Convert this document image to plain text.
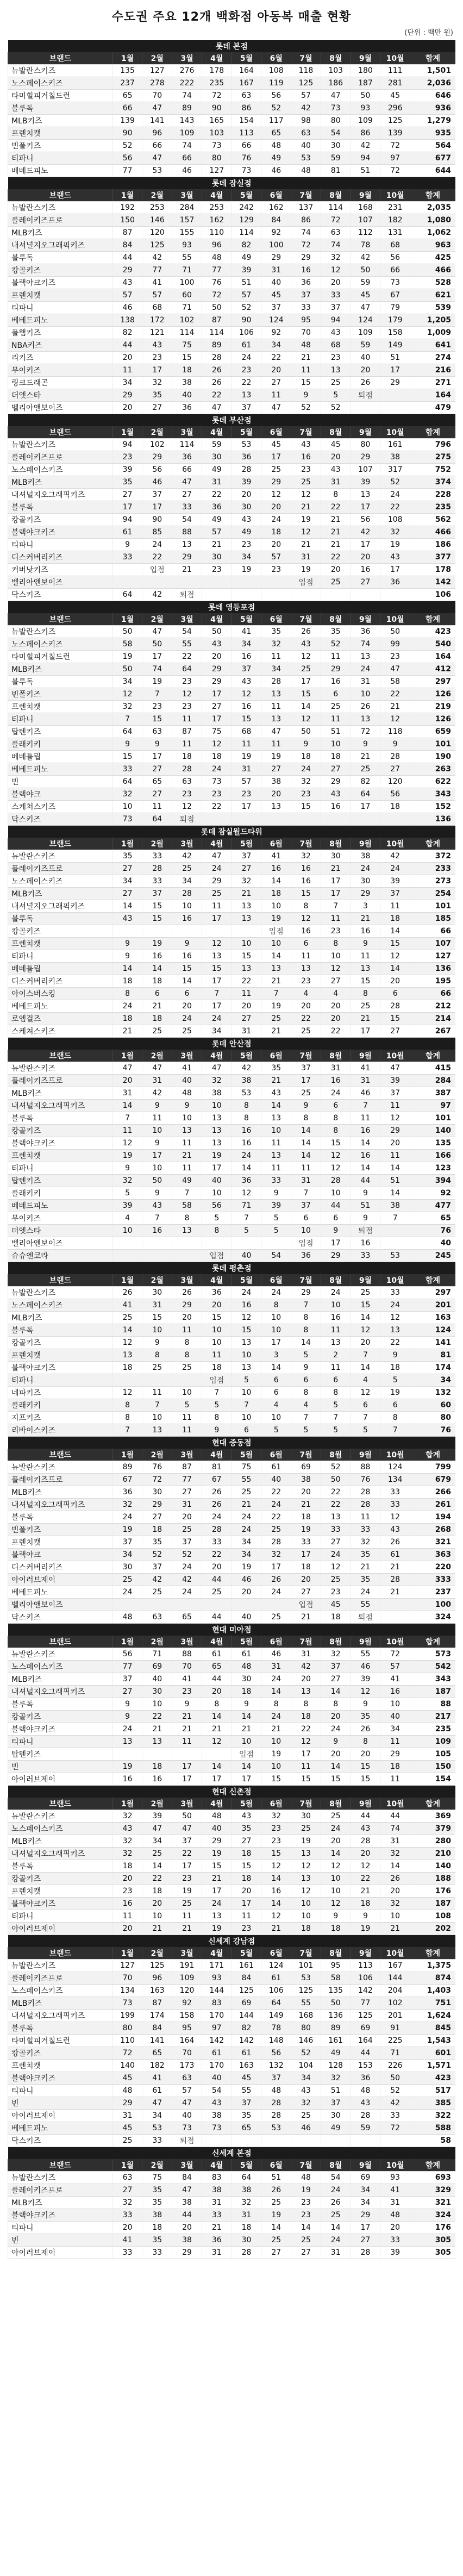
수도권 주요 12개 백화점 아동복 매출 현황
(단위 : 백만 원)
롯데 본점											
브랜드	1월	2월	3월	4월	5월	6월	7월	8월	9월	10월	합계
뉴발란스키즈	135	127	276	178	164	108	118	103	180	111	1,501
노스페이스키즈	237	278	222	235	167	119	125	186	187	281	2,036
타미힐피거칠드런	65	70	74	72	63	56	57	47	50	45	646
블루독	66	47	89	90	86	52	42	73	93	296	936
MLB키즈	139	141	143	165	154	117	98	80	109	125	1,279
프렌치캣	90	96	109	103	113	65	63	54	86	139	935
빈폴키즈	52	66	74	73	66	48	40	30	42	72	564
티파니	56	47	66	80	76	49	53	59	94	97	677
베베드피노	77	53	46	127	73	46	48	81	51	72	644
롯데 잠실점											
브랜드	1월	2월	3월	4월	5월	6월	7월	8월	9월	10월	합계
뉴발란스키즈	192	253	284	253	242	162	137	114	168	231	2,035
플레이키즈프로	150	146	157	162	129	84	86	72	107	182	1,080
MLB키즈	87	120	155	110	114	92	74	63	112	131	1,062
내셔널지오그래픽키즈	84	125	93	96	82	100	72	74	78	68	963
블루독	44	42	55	48	49	29	29	32	42	56	425
캉골키즈	29	77	71	77	39	31	16	12	50	66	466
블랙야크키즈	43	41	100	76	51	40	36	20	59	73	528
프렌치캣	57	57	60	72	57	45	37	33	45	67	621
티파니	46	68	71	50	52	37	33	37	47	79	539
베베드피노	138	172	102	87	90	124	95	94	124	179	1,205
폴햄키즈	82	121	114	114	106	92	70	43	109	158	1,009
NBA키즈	44	43	75	89	61	34	48	68	59	149	641
리키즈	20	23	15	28	24	22	21	23	40	51	274
무이키즈	11	17	18	26	23	20	11	13	20	17	216
링크드래곤	34	32	38	26	22	27	15	25	26	29	271
더엣스타	29	35	40	22	13	11	9	5	퇴점		164
벨리아앤보이즈	20	27	36	47	37	47	52	52			479
롯데 부산점											
브랜드	1월	2월	3월	4월	5월	6월	7월	8월	9월	10월	합계
뉴발란스키즈	94	102	114	59	53	45	43	45	80	161	796
플레이키즈프로	23	29	36	30	36	17	16	20	29	38	275
노스페이스키즈	39	56	66	49	28	25	23	43	107	317	752
MLB키즈	35	46	47	31	39	29	25	31	39	52	374
내셔널지오그래픽키즈	27	37	27	22	20	12	12	8	13	24	228
블루독	17	17	33	36	30	20	21	22	17	22	235
캉골키즈	94	90	54	49	43	24	19	21	56	108	562
블랙야크키즈	61	85	88	57	49	18	12	21	42	32	466
티파니	9	24	13	21	23	20	21	21	17	19	186
디스커버리키즈	33	22	29	30	34	57	31	22	20	43	377
커버낫키즈		입점	21	23	19	23	19	20	16	17	178
벨리아앤보이즈							입점	25	27	36	142
닥스키즈	64	42	퇴점								106
롯데 영등포점											
브랜드	1월	2월	3월	4월	5월	6월	7월	8월	9월	10월	합계
뉴발란스키즈	50	47	54	50	41	35	26	35	36	50	423
노스페이스키즈	58	50	55	43	34	32	43	52	74	99	540
타미힐피거칠드런	19	17	22	20	16	11	12	11	13	23	164
MLB키즈	50	74	64	29	37	34	25	29	24	47	412
블루독	34	19	23	29	43	28	17	16	31	58	297
빈폴키즈	12	7	12	17	12	13	15	6	10	22	126
프렌치캣	32	23	23	27	16	11	14	25	26	21	219
티파니	7	15	11	17	15	13	12	11	13	12	126
탑텐키즈	64	63	87	75	68	47	50	51	72	118	659
플래키키	9	9	11	12	11	11	9	10	9	9	101
베베튤립	15	17	18	18	19	19	18	18	21	28	190
베베드피노	33	27	28	24	31	27	24	27	25	27	263
빈	64	65	63	73	57	38	32	29	82	120	622
블랙야크	32	27	23	23	23	20	23	43	64	56	343
스케쳐스키즈	10	11	12	22	17	13	15	16	17	18	152
닥스키즈	73	64	퇴점								136
롯데 잠실월드타워											
브랜드	1월	2월	3월	4월	5월	6월	7월	8월	9월	10월	합계
뉴발란스키즈	35	33	42	47	37	41	32	30	38	42	372
플레이키즈프로	27	28	25	24	27	16	16	21	24	24	233
노스페이스키즈	34	33	34	29	32	14	16	17	30	39	273
MLB키즈	27	37	28	25	21	18	15	17	29	37	254
내셔널지오그래픽키즈	14	15	10	11	13	10	8	7	3	11	101
블루독	43	15	16	17	13	19	12	11	21	18	185
캉골키즈						입점	16	23	16	14	66
프렌치캣	9	19	9	12	10	10	6	8	9	15	107
티파니	9	16	16	13	15	14	11	10	11	12	127
베베튤립	14	14	15	15	13	13	13	12	13	14	136
디스커버리키즈	18	18	14	17	22	21	23	27	15	20	195
아이스버스킹	8	6	6	7	11	7	4	4	8	6	66
베베드피노	24	21	20	17	20	19	20	20	25	28	212
로엠걸즈	18	18	24	24	27	25	22	20	21	15	214
스케쳐스키즈	21	25	25	34	31	21	25	22	17	27	267
롯데 안산점											
브랜드	1월	2월	3월	4월	5월	6월	7월	8월	9월	10월	합계
뉴발란스키즈	47	47	41	47	42	35	37	31	41	47	415
플레이키즈프로	20	31	40	32	38	21	17	16	31	39	284
MLB키즈	31	42	48	38	53	43	25	24	46	37	387
내셔널지오그래픽키즈	14	9	9	10	8	14	9	6	7	11	97
블루독	7	11	10	13	8	13	8	8	11	12	101
캉골키즈	11	10	13	13	16	10	14	8	16	29	140
블랙야크키즈	12	9	11	13	16	11	14	15	14	20	135
프렌치캣	19	17	21	19	24	13	14	12	16	11	166
티파니	9	10	11	17	14	11	11	12	14	14	123
탑텐키즈	32	50	49	40	36	33	31	28	44	51	394
플래키키	5	9	7	10	12	9	7	10	9	14	92
베베드피노	39	43	58	56	71	39	37	44	51	38	477
무이키즈	4	7	8	5	7	5	6	6	9	7	65
더엣스타	10	16	13	8	5	5	10	9	퇴점		76
벨리아앤보이즈							입점	17	16		40
슈슈엔코라				입점	40	54	36	29	33	53	245
롯데 평촌점											
브랜드	1월	2월	3월	4월	5월	6월	7월	8월	9월	10월	합계
뉴발란스키즈	26	30	26	36	24	24	29	24	25	33	297
노스페이스키즈	41	31	29	20	16	8	7	10	15	24	201
MLB키즈	25	15	20	15	12	10	8	16	14	12	163
블루독	14	10	11	10	15	10	8	11	12	13	124
캉골키즈	12	9	8	10	13	17	14	13	20	22	141
프렌치캣	13	8	8	11	10	3	5	2	7	9	81
블랙야크키즈	18	25	25	18	13	14	9	11	14	18	174
티파니				입점	5	6	6	6	4	5	34
네파키즈	12	11	10	7	10	6	8	8	12	19	132
플래키키	8	7	5	5	7	4	4	5	6	6	60
지프키즈	8	10	11	8	10	10	7	7	7	8	80
리바이스키즈	7	13	11	9	6	5	5	5	5	7	76
현대 중동점											
브랜드	1월	2월	3월	4월	5월	6월	7월	8월	9월	10월	합계
뉴발란스키즈	89	76	87	81	75	61	69	52	88	124	799
플레이키즈프로	67	72	77	67	55	40	38	50	76	134	679
MLB키즈	36	30	27	26	25	22	20	22	28	33	266
내셔널지오그래픽키즈	32	29	31	26	21	24	21	22	28	33	261
블루독	24	27	20	24	24	22	18	13	11	12	194
빈폴키즈	19	18	25	28	24	25	19	33	33	43	268
프렌치캣	37	35	37	33	34	28	33	27	32	26	321
블랙야크	34	52	52	22	34	32	17	24	35	61	363
디스커버리키즈	30	37	24	20	19	17	18	12	21	21	220
아이러브제이	25	42	42	44	46	26	20	25	35	28	333
베베드피노	24	25	24	25	20	24	27	23	24	21	237
벨리아앤보이즈							입점	45	55		100
닥스키즈	48	63	65	44	40	25	21	18	퇴점		324
현대 미아점											
브랜드	1월	2월	3월	4월	5월	6월	7월	8월	9월	10월	합계
뉴발란스키즈	56	71	88	61	61	46	31	32	55	72	573
노스페이스키즈	77	69	70	65	48	31	42	37	46	57	542
MLB키즈	37	40	41	44	30	24	20	27	39	41	343
내셔널지오그래픽키즈	27	30	23	20	18	14	13	14	12	16	187
블루독	9	10	9	8	9	8	8	8	9	10	88
캉골키즈	9	22	21	14	14	24	18	20	35	40	217
블랙야크키즈	24	21	21	21	21	21	22	24	26	34	235
티파니	13	13	11	12	10	10	12	9	8	11	109
탑텐키즈					입점	19	17	20	20	29	105
빈	19	18	17	14	14	10	11	14	15	18	150
아이러브제이	16	16	17	17	17	15	15	15	15	11	154
현대 신촌점											
브랜드	1월	2월	3월	4월	5월	6월	7월	8월	9월	10월	합계
뉴발란스키즈	32	39	50	48	43	32	30	25	44	44	369
노스페이스키즈	43	47	47	40	35	23	25	24	43	74	379
MLB키즈	32	34	37	29	27	23	19	20	28	31	280
내셔널지오그래픽키즈	32	25	22	19	18	15	13	14	20	32	210
블루독	18	14	17	15	15	12	12	12	12	14	140
캉골키즈	20	22	23	21	18	14	13	10	22	26	188
프렌치캣	23	18	19	17	20	16	12	10	21	20	176
블랙야크키즈	16	20	25	24	17	14	10	12	18	32	187
티파니	11	10	11	13	11	12	10	9	9	10	108
아이러브제이	20	21	21	19	23	21	18	18	19	21	202
신세계 강남점											
브랜드	1월	2월	3월	4월	5월	6월	7월	8월	9월	10월	합계
뉴발란스키즈	127	125	191	171	161	124	101	95	113	167	1,375
플레이키즈프로	70	96	109	93	84	61	53	58	106	144	874
노스페이스키즈	134	163	120	144	125	106	125	135	142	204	1,403
MLB키즈	73	87	92	83	69	64	55	50	77	102	751
내셔널지오그래픽키즈	199	174	158	170	144	149	168	136	125	201	1,624
블루독	80	84	95	97	82	78	80	89	69	91	845
타미힐피거칠드런	110	141	164	142	142	148	146	161	164	225	1,543
캉골키즈	72	65	70	61	61	56	52	49	44	71	601
프렌치캣	140	182	173	170	163	132	104	128	153	226	1,571
블랙야크키즈	45	41	63	40	45	37	34	32	36	50	423
티파니	48	61	57	54	55	48	43	51	48	52	517
빈	29	47	47	43	37	28	32	37	43	42	385
아이러브제이	31	34	40	38	35	28	25	30	28	33	322
베베드피노	45	53	73	73	65	53	46	49	59	72	588
닥스키즈	25	33	퇴점								58
신세계 본점											
브랜드	1월	2월	3월	4월	5월	6월	7월	8월	9월	10월	합계
뉴발란스키즈	63	75	84	83	64	51	48	54	69	93	693
플레이키즈프로	27	35	47	38	38	26	19	24	34	41	329
MLB키즈	32	35	38	31	32	25	23	26	34	31	321
블랙야크키즈	33	38	44	33	31	19	23	25	29	48	324
티파니	20	18	20	21	18	14	14	14	17	20	176
빈	41	35	38	36	30	25	25	24	27	33	305
아이러브제이	33	33	29	31	28	27	27	31	28	39	305
